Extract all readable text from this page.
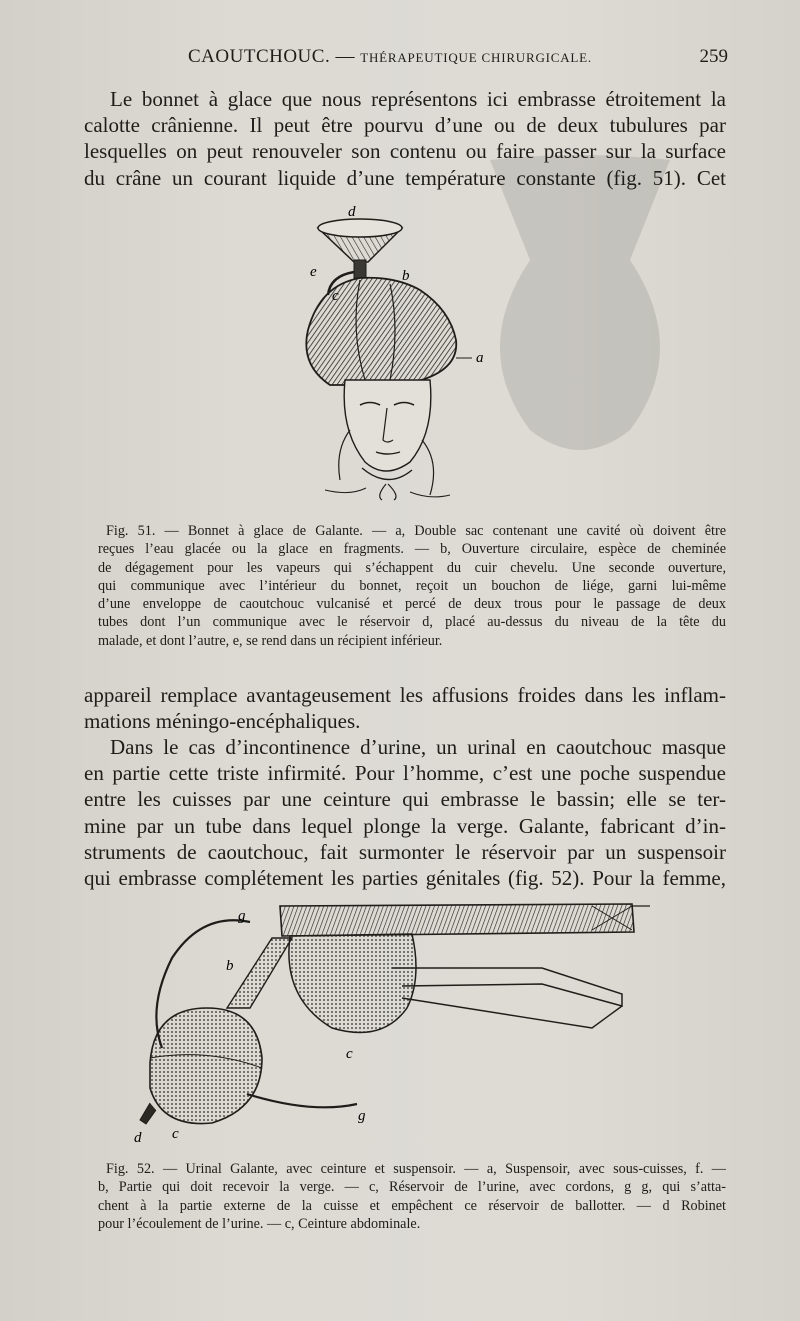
CAOUTCHOUC. — THÉRAPEUTIQUE CHIRURGICALE.	259

Le bonnet à glace que nous représentons ici embrasse étroitement la
calotte crânienne. Il peut être pourvu d’une ou de deux tubulures par
lesquelles on peut renouveler son contenu ou faire passer sur la surface
du crâne un courant liquide d’une température constante (fig. 51). Cet

d
e
c
b
a

Fig. 51. — Bonnet à glace de Galante. — a, Double sac contenant une cavité où doivent être
reçues l’eau glacée ou la glace en fragments. — b, Ouverture circulaire, espèce de cheminée
de dégagement pour les vapeurs qui s’échappent du cuir chevelu. Une seconde ouverture,
qui communique avec l’intérieur du bonnet, reçoit un bouchon de liége, garni lui-même
d’une enveloppe de caoutchouc vulcanisé et percé de deux trous pour le passage de deux
tubes dont l’un communique avec le réservoir d, placé au-dessus du niveau de la tête du
malade, et dont l’autre, e, se rend dans un récipient inférieur.

appareil remplace avantageusement les affusions froides dans les inflam-
mations méningo-encéphaliques.

Dans le cas d’incontinence d’urine, un urinal en caoutchouc masque
en partie cette triste infirmité. Pour l’homme, c’est une poche suspendue
entre les cuisses par une ceinture qui embrasse le bassin; elle se ter-
mine par un tube dans lequel plonge la verge. Galante, fabricant d’in-
struments de caoutchouc, fait surmonter le réservoir par un suspensoir
qui embrasse complétement les parties génitales (fig. 52). Pour la femme,

g
b
c
d c
g

Fig. 52. — Urinal Galante, avec ceinture et suspensoir. — a, Suspensoir, avec sous-cuisses, f. —
b, Partie qui doit recevoir la verge. — c, Réservoir de l’urine, avec cordons, g g, qui s’atta-
chent à la partie externe de la cuisse et empêchent ce réservoir de ballotter. — d Robinet
pour l’écoulement de l’urine. — c, Ceinture abdominale.
